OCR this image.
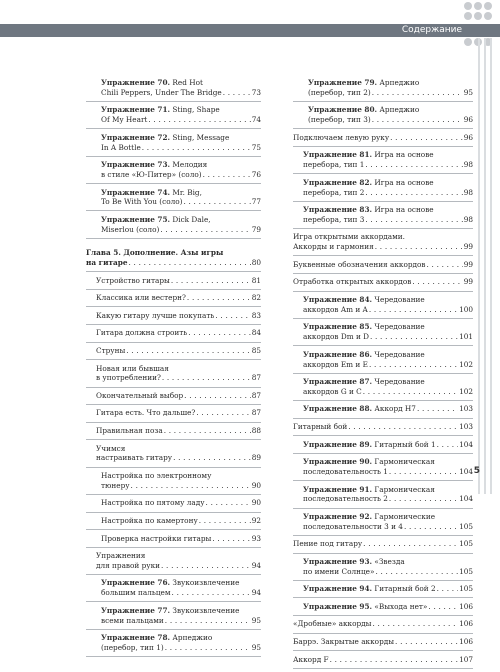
Содержание
Упражнение 70. Red Hot
Chili Peppers, Under The Bridge . . .	73
Упражнение 71. Sting, Shape
Of My Heart . . .	74
Упражнение 72. Sting, Message
In A Bottle . . .	75
Упражнение 73. Мелодия
в стиле «Ю-Питер» (соло) . . .	76
Упражнение 74. Mr. Big,
To Be With You (соло) . . .	77
Упражнение 75. Dick Dale,
Miserlou (соло) . . .	79
Глава 5. Дополнение. Азы игры
на гитаре . . .	80
Устройство гитары . . .	81
Классика или вестерн? . . .	82
Какую гитару лучше покупать . . .	83
Гитара должна строить . . .	84
Струны . . .	85
Новая или бывшая
в употреблении? . . .	87
Окончательный выбор . . .	87
Гитара есть. Что дальше? . . .	87
Правильная поза . . .	88
Учимся
настраивать гитару . . .	89
Настройка по электронному
тюнеру . . .	90
Настройка по пятому ладу . . .	90
Настройка по камертону . . .	92
Проверка настройки гитары . . .	93
Упражнения
для правой руки . . .	94
Упражнение 76. Звукоизвлечение
большим пальцем . . .	94
Упражнение 77. Звукоизвлечение
всеми пальцами . . .	95
Упражнение 78. Арпеджио
(перебор, тип 1) . . .	95
Упражнение 79. Арпеджио
(перебор, тип 2) . . .	95
Упражнение 80. Арпеджио
(перебор, тип 3) . . .	96
Подключаем левую руку . . .	96
Упражнение 81. Игра на основе
перебора, тип 1 . . .	98
Упражнение 82. Игра на основе
перебора, тип 2 . . .	98
Упражнение 83. Игра на основе
перебора, тип 3 . . .	98
Игра открытыми аккордами.
Аккорды и гармония . . .	99
Буквенные обозначения аккордов . . .	99
Отработка открытых аккордов . . .	99
Упражнение 84. Чередование
аккордов Am и A . . .	100
Упражнение 85. Чередование
аккордов Dm и D . . .	101
Упражнение 86. Чередование
аккордов Em и E . . .	102
Упражнение 87. Чередование
аккордов G и C . . .	102
Упражнение 88. Аккорд H7 . . .	103
Гитарный бой . . .	103
Упражнение 89. Гитарный бой 1 . . .	104
Упражнение 90. Гармоническая
последовательность 1 . . .	104
Упражнение 91. Гармоническая
последовательность 2 . . .	104
Упражнение 92. Гармонические
последовательности 3 и 4 . . .	105
Пение под гитару . . .	105
Упражнение 93. «Звезда
по имени Солнце» . . .	105
Упражнение 94. Гитарный бой 2 . . .	105
Упражнение 95. «Выхода нет» . . .	106
«Дробные» аккорды . . .	106
Баррэ. Закрытые аккорды . . .	106
Аккорд F . . .	107
5
